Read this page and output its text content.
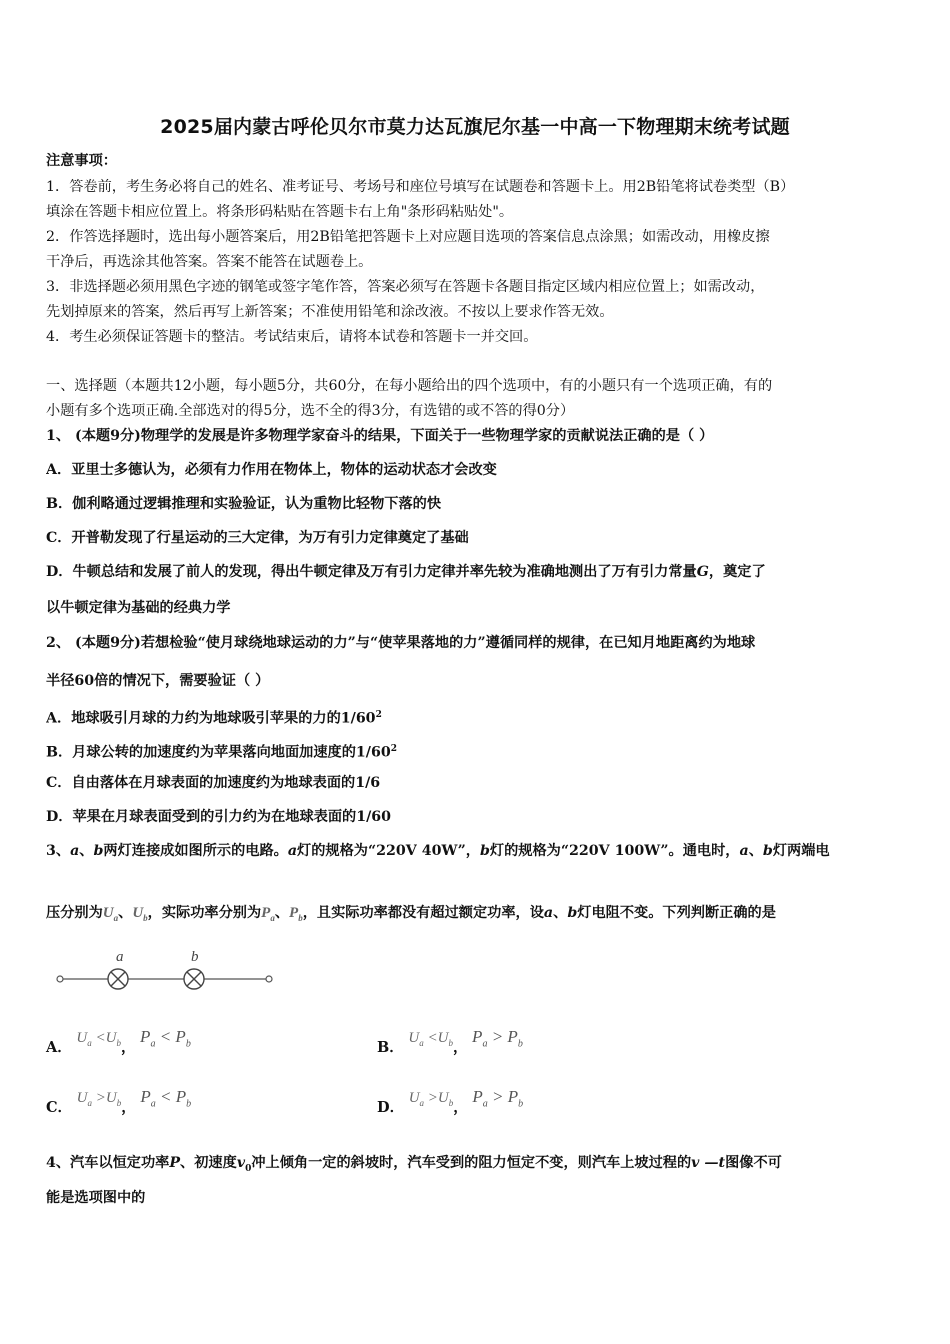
2025届内蒙古呼伦贝尔市莫力达瓦旗尼尔基一中高一下物理期末统考试题
注意事项：
1．答卷前，考生务必将自己的姓名、准考证号、考场号和座位号填写在试题卷和答题卡上。用2B铅笔将试卷类型（B）
填涂在答题卡相应位置上。将条形码粘贴在答题卡右上角"条形码粘贴处"。
2．作答选择题时，选出每小题答案后，用2B铅笔把答题卡上对应题目选项的答案信息点涂黑；如需改动，用橡皮擦
干净后，再选涂其他答案。答案不能答在试题卷上。
3．非选择题必须用黑色字迹的钢笔或签字笔作答，答案必须写在答题卡各题目指定区域内相应位置上；如需改动，
先划掉原来的答案，然后再写上新答案；不准使用铅笔和涂改液。不按以上要求作答无效。
4．考生必须保证答题卡的整洁。考试结束后，请将本试卷和答题卡一并交回。
一、选择题（本题共12小题，每小题5分，共60分，在每小题给出的四个选项中，有的小题只有一个选项正确，有的
小题有多个选项正确.全部选对的得5分，选不全的得3分，有选错的或不答的得0分）
1、 (本题9分)物理学的发展是许多物理学家奋斗的结果，下面关于一些物理学家的贡献说法正确的是（ ）
A．亚里士多德认为，必须有力作用在物体上，物体的运动状态才会改变
B．伽利略通过逻辑推理和实验验证，认为重物比轻物下落的快
C．开普勒发现了行星运动的三大定律，为万有引力定律奠定了基础
D．牛顿总结和发展了前人的发现，得出牛顿定律及万有引力定律并率先较为准确地测出了万有引力常量G，奠定了
以牛顿定律为基础的经典力学
2、 (本题9分)若想检验“使月球绕地球运动的力”与“使苹果落地的力”遵循同样的规律，在已知月地距离约为地球
半径60倍的情况下，需要验证（ ）
A．地球吸引月球的力约为地球吸引苹果的力的$1/60^2$
B．月球公转的加速度约为苹果落向地面加速度的$1/60^2$
C．自由落体在月球表面的加速度约为地球表面的1/6
D．苹果在月球表面受到的引力约为在地球表面的1/60
3、a、b两灯连接成如图所示的电路。a灯的规格为“220V 40W”，b灯的规格为“220V 100W”。通电时，a、b灯两端电
压分别为$U_a$、$U_b$，实际功率分别为$P_a$、$P_b$，且实际功率都没有超过额定功率，设a、b灯电阻不变。下列判断正确的是
a	b
A． $U_a <U_b$， $P_a < P_b$	B． $U_a <U_b$， $P_a > P_b$
C． $U_a >U_b$， $P_a < P_b$	D． $U_a >U_b$， $P_a > P_b$
4、汽车以恒定功率P、初速度$v_0$冲上倾角一定的斜坡时，汽车受到的阻力恒定不变，则汽车上坡过程的v —t图像不可
能是选项图中的
